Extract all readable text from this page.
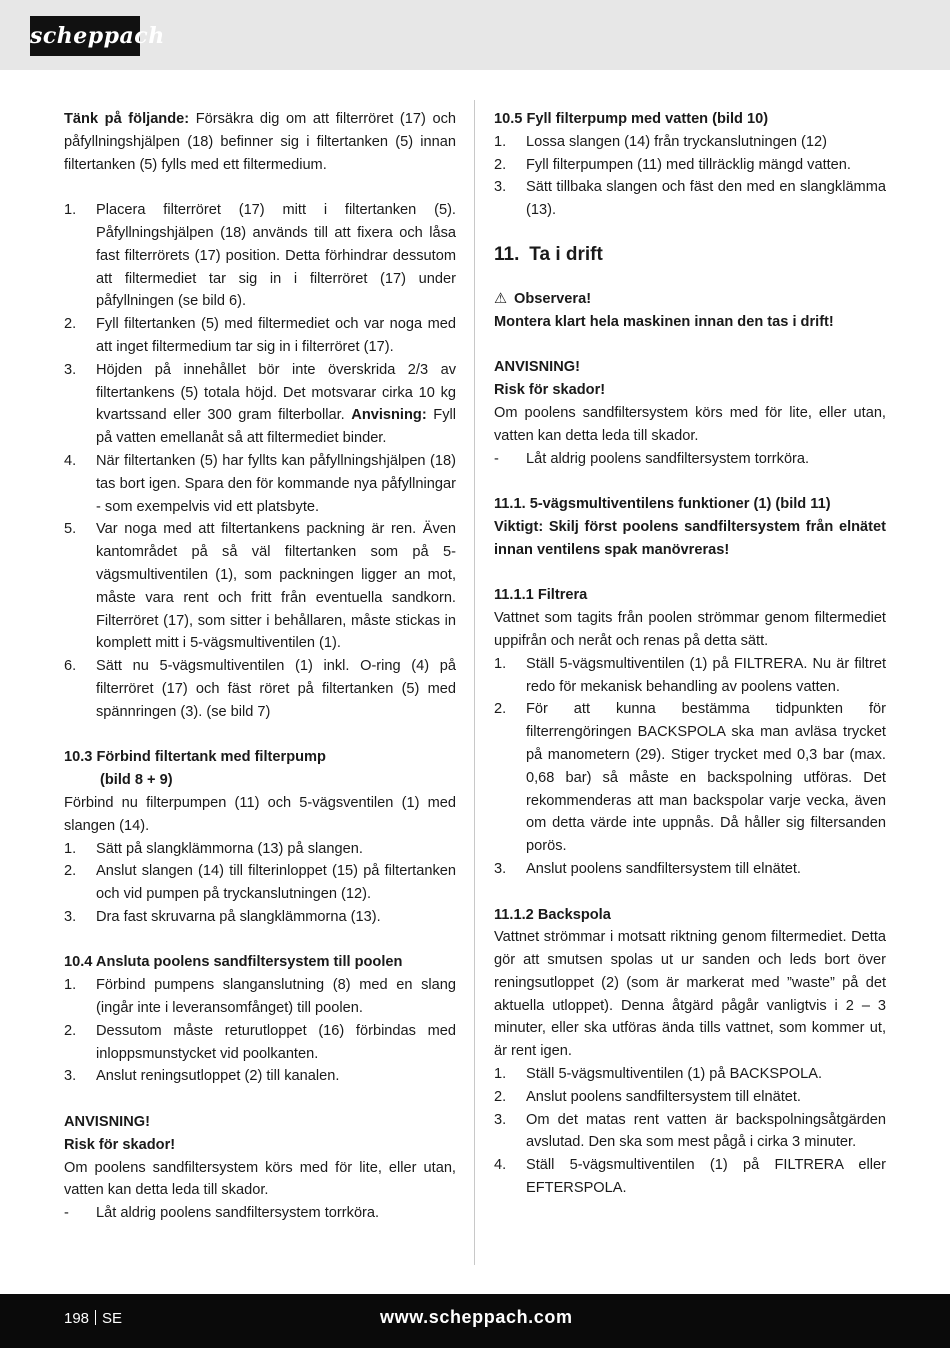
scheppach

Tänk på följande: Försäkra dig om att filterröret (17) och påfyllningshjälpen (18) befinner sig i filtertanken (5) innan filtertanken (5) fylls med ett filtermedium.

1.	Placera filterröret (17) mitt i filtertanken (5). Påfyllningshjälpen (18) används till att fixera och låsa fast filterrörets (17) position. Detta förhindrar dessutom att filtermediet tar sig in i filterröret (17) under påfyllningen (se bild 6).
2.	Fyll filtertanken (5) med filtermediet och var noga med att inget filtermedium tar sig in i filterröret (17).
3.	Höjden på innehållet bör inte överskrida 2/3 av filtertankens (5) totala höjd. Det motsvarar cirka 10 kg kvartssand eller 300 gram filterbollar. Anvisning: Fyll på vatten emellanåt så att filtermediet binder.
4.	När filtertanken (5) har fyllts kan påfyllningshjälpen (18) tas bort igen. Spara den för kommande nya påfyllningar - som exempelvis vid ett platsbyte.
5.	Var noga med att filtertankens packning är ren. Även kantområdet på så väl filtertanken som på 5-vägsmultiventilen (1), som packningen ligger an mot, måste vara rent och fritt från eventuella sandkorn. Filterröret (17), som sitter i behållaren, måste stickas in komplett mitt i 5-vägsmultiventilen (1).
6.	Sätt nu 5-vägsmultiventilen (1) inkl. O-ring (4) på filterröret (17) och fäst röret på filtertanken (5) med spännringen (3). (se bild 7)

10.3 Förbind filtertank med filterpump

(bild 8 + 9)

Förbind nu filterpumpen (11) och 5-vägsventilen (1) med slangen (14).

1.	Sätt på slangklämmorna (13) på slangen.
2.	Anslut slangen (14) till filterinloppet (15) på filtertanken och vid pumpen på tryckanslutningen (12).
3.	Dra fast skruvarna på slangklämmorna (13).

10.4 Ansluta poolens sandfiltersystem till poolen

1.	Förbind pumpens slanganslutning (8) med en slang (ingår inte i leveransomfånget) till poolen.
2.	Dessutom måste returutloppet (16) förbindas med inloppsmunstycket vid poolkanten.
3.	Anslut reningsutloppet (2) till kanalen.

ANVISNING!

Risk för skador!

Om poolens sandfiltersystem körs med för lite, eller utan, vatten kan detta leda till skador.

-	Låt aldrig poolens sandfiltersystem torrköra.

10.5 Fyll filterpump med vatten (bild 10)

1.	Lossa slangen (14) från tryckanslutningen (12)
2.	Fyll filterpumpen (11) med tillräcklig mängd vatten.
3.	Sätt tillbaka slangen och fäst den med en slangklämma (13).
11. Ta i drift

⚠ Observera!

Montera klart hela maskinen innan den tas i drift!

ANVISNING!

Risk för skador!

Om poolens sandfiltersystem körs med för lite, eller utan, vatten kan detta leda till skador.

-	Låt aldrig poolens sandfiltersystem torrköra.

11.1. 5-vägsmultiventilens funktioner (1) (bild 11)

Viktigt: Skilj först poolens sandfiltersystem från elnätet innan ventilens spak manövreras!

11.1.1 Filtrera

Vattnet som tagits från poolen strömmar genom filtermediet uppifrån och neråt och renas på detta sätt.

1.	Ställ 5-vägsmultiventilen (1) på FILTRERA. Nu är filtret redo för mekanisk behandling av poolens vatten.
2.	För att kunna bestämma tidpunkten för filterrengöringen BACKSPOLA ska man avläsa trycket på manometern (29). Stiger trycket med 0,3 bar (max. 0,68 bar) så måste en backspolning utföras. Det rekommenderas att man backspolar varje vecka, även om detta värde inte uppnås. Då håller sig filtersanden porös.
3.	Anslut poolens sandfiltersystem till elnätet.

11.1.2 Backspola

Vattnet strömmar i motsatt riktning genom filtermediet. Detta gör att smutsen spolas ut ur sanden och leds bort över reningsutloppet (2) (som är markerat med ”waste” på det aktuella utloppet). Denna åtgärd pågår vanligtvis i 2 – 3 minuter, eller ska utföras ända tills vattnet, som kommer ut, är rent igen.

1.	Ställ 5-vägsmultiventilen (1) på BACKSPOLA.
2.	Anslut poolens sandfiltersystem till elnätet.
3.	Om det matas rent vatten är backspolningsåtgärden avslutad. Den ska som mest pågå i cirka 3 minuter.
4.	Ställ 5-vägsmultiventilen (1) på FILTRERA eller EFTERSPOLA.
198 SE	www.scheppach.com
